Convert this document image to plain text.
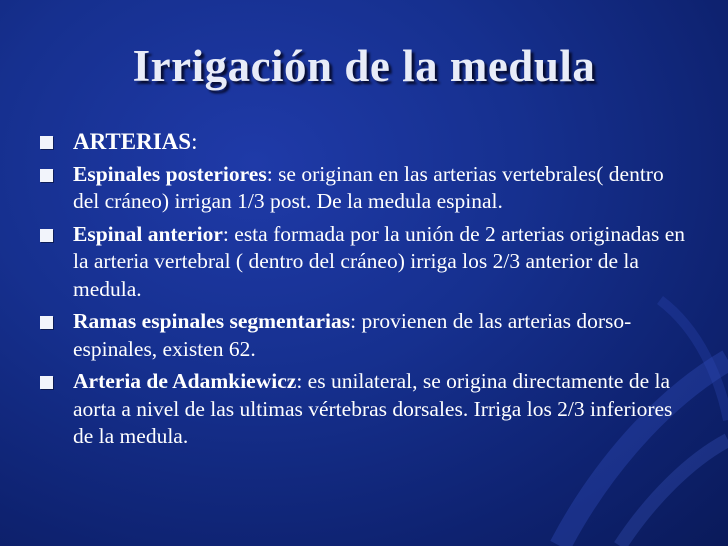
Irrigación de la medula
ARTERIAS:
Espinales posteriores: se originan en las arterias vertebrales( dentro del cráneo) irrigan 1/3 post. De la medula espinal.
Espinal anterior: esta formada por la unión de 2 arterias originadas en la arteria vertebral ( dentro del cráneo) irriga los 2/3 anterior de la medula.
Ramas espinales segmentarias: provienen de las arterias dorso-espinales, existen 62.
Arteria de Adamkiewicz: es unilateral, se origina directamente de la aorta a nivel de las ultimas vértebras dorsales. Irriga los 2/3 inferiores de la medula.
